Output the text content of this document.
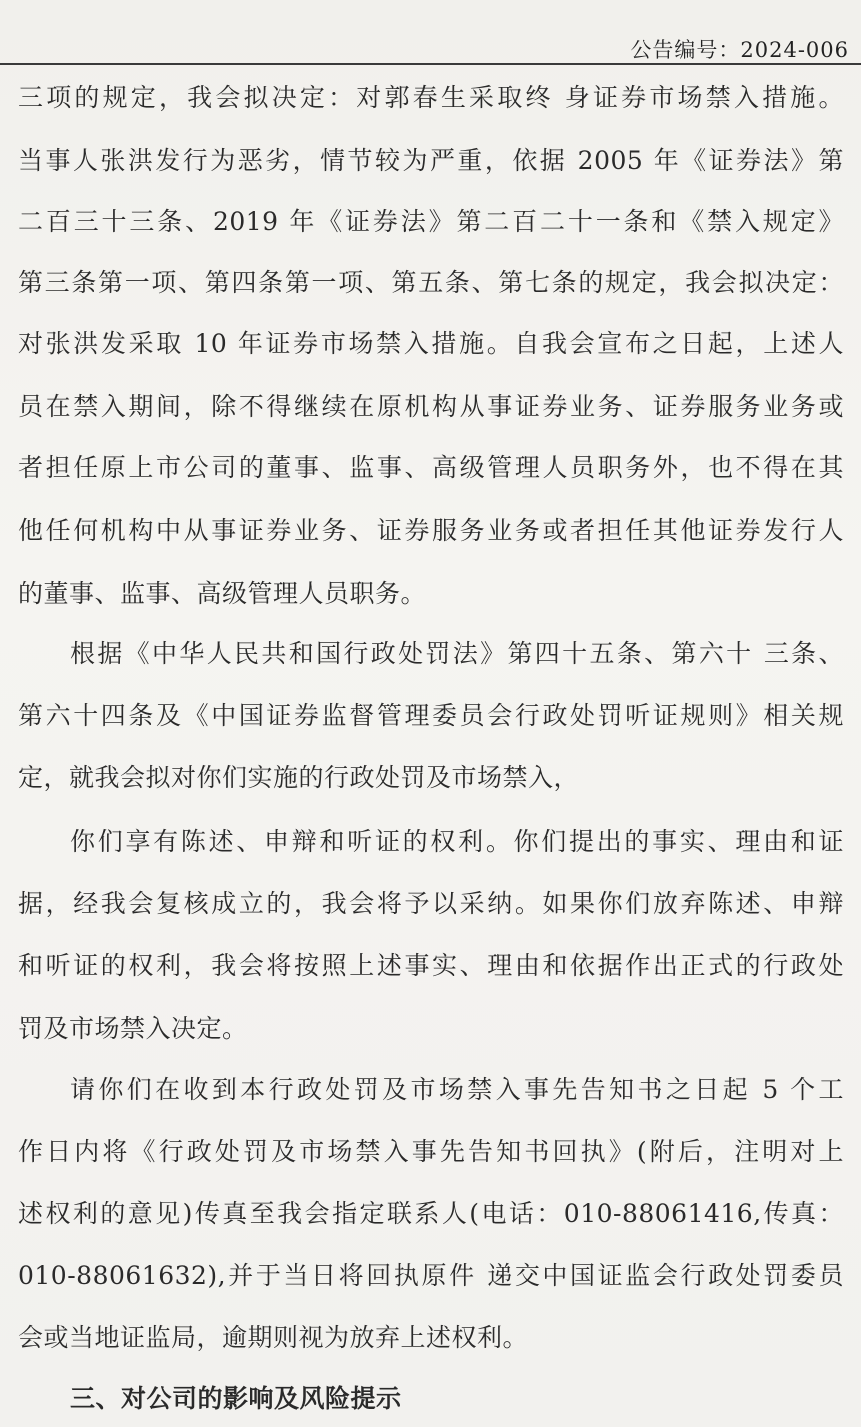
公告编号：2024-006
三项的规定，我会拟决定：对郭春生采取终 身证券市场禁入措施。
当事人张洪发行为恶劣，情节较为严重，依据 2005 年《证券法》第
二百三十三条、2019 年《证券法》第二百二十一条和《禁入规定》
第三条第一项、第四条第一项、第五条、第七条的规定，我会拟决定：
对张洪发采取 10 年证券市场禁入措施。自我会宣布之日起，上述人
员在禁入期间，除不得继续在原机构从事证券业务、证券服务业务或
者担任原上市公司的董事、监事、高级管理人员职务外，也不得在其
他任何机构中从事证券业务、证券服务业务或者担任其他证券发行人
的董事、监事、高级管理人员职务。
根据《中华人民共和国行政处罚法》第四十五条、第六十 三条、
第六十四条及《中国证券监督管理委员会行政处罚听证规则》相关规
定，就我会拟对你们实施的行政处罚及市场禁入，
你们享有陈述、申辩和听证的权利。你们提出的事实、理由和证
据，经我会复核成立的，我会将予以采纳。如果你们放弃陈述、申辩
和听证的权利，我会将按照上述事实、理由和依据作出正式的行政处
罚及市场禁入决定。
请你们在收到本行政处罚及市场禁入事先告知书之日起 5 个工
作日内将《行政处罚及市场禁入事先告知书回执》(附后，注明对上
述权利的意见)传真至我会指定联系人(电话：010-88061416,传真：
010-88061632),并于当日将回执原件 递交中国证监会行政处罚委员
会或当地证监局，逾期则视为放弃上述权利。
三、对公司的影响及风险提示
